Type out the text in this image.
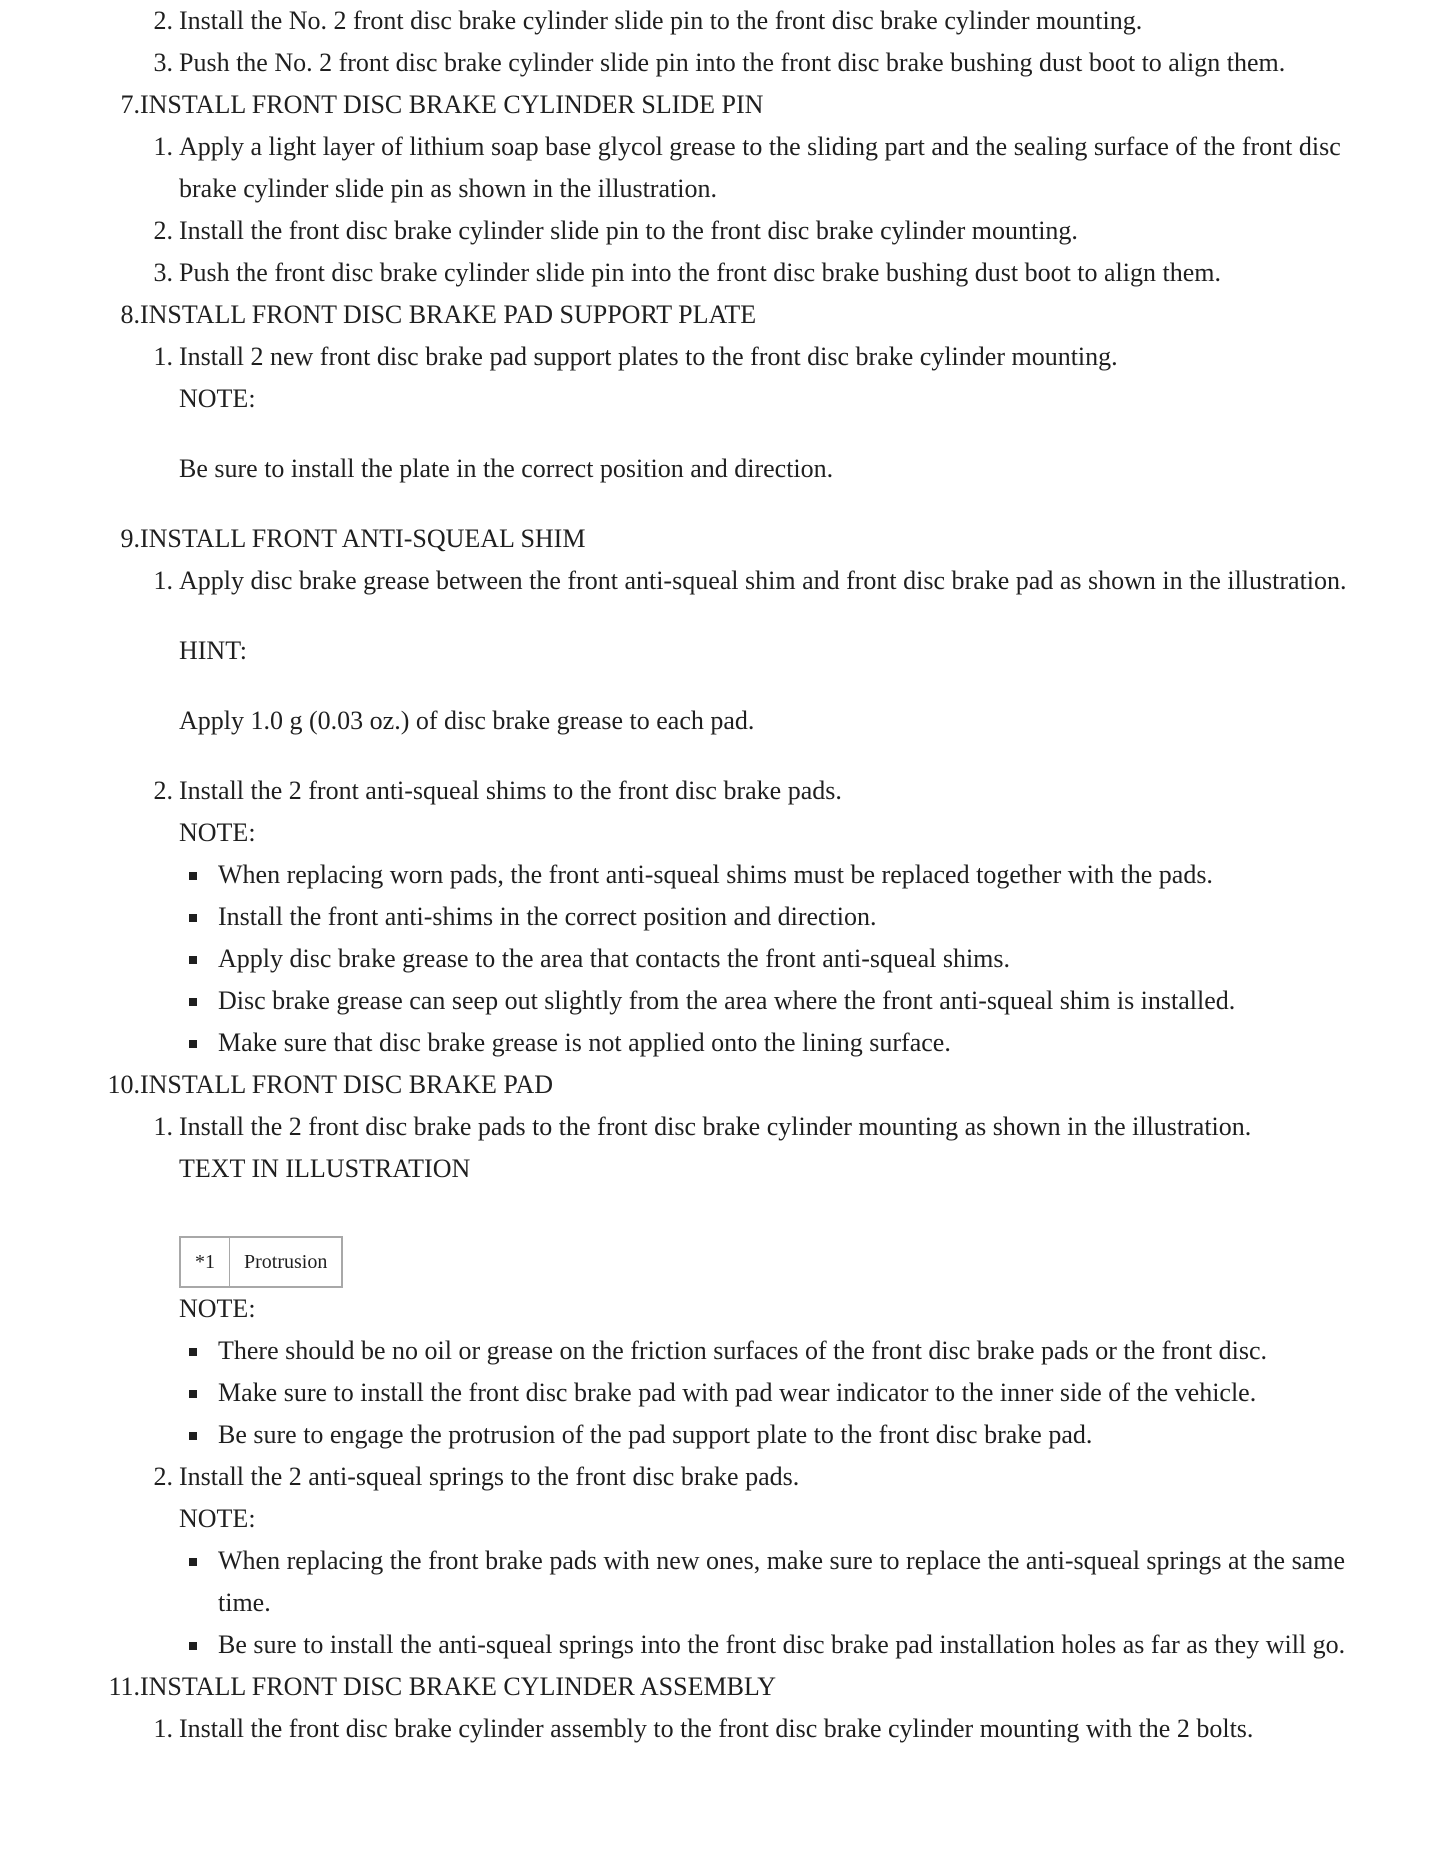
2. Install the No. 2 front disc brake cylinder slide pin to the front disc brake cylinder mounting.
3. Push the No. 2 front disc brake cylinder slide pin into the front disc brake bushing dust boot to align them.
7. INSTALL FRONT DISC BRAKE CYLINDER SLIDE PIN
1. Apply a light layer of lithium soap base glycol grease to the sliding part and the sealing surface of the front disc brake cylinder slide pin as shown in the illustration.
2. Install the front disc brake cylinder slide pin to the front disc brake cylinder mounting.
3. Push the front disc brake cylinder slide pin into the front disc brake bushing dust boot to align them.
8. INSTALL FRONT DISC BRAKE PAD SUPPORT PLATE
1. Install 2 new front disc brake pad support plates to the front disc brake cylinder mounting.
NOTE:
Be sure to install the plate in the correct position and direction.
9. INSTALL FRONT ANTI-SQUEAL SHIM
1. Apply disc brake grease between the front anti-squeal shim and front disc brake pad as shown in the illustration.
HINT:
Apply 1.0 g (0.03 oz.) of disc brake grease to each pad.
2. Install the 2 front anti-squeal shims to the front disc brake pads.
NOTE:
When replacing worn pads, the front anti-squeal shims must be replaced together with the pads.
Install the front anti-shims in the correct position and direction.
Apply disc brake grease to the area that contacts the front anti-squeal shims.
Disc brake grease can seep out slightly from the area where the front anti-squeal shim is installed.
Make sure that disc brake grease is not applied onto the lining surface.
10. INSTALL FRONT DISC BRAKE PAD
1. Install the 2 front disc brake pads to the front disc brake cylinder mounting as shown in the illustration.
TEXT IN ILLUSTRATION
*1	Protrusion
NOTE:
There should be no oil or grease on the friction surfaces of the front disc brake pads or the front disc.
Make sure to install the front disc brake pad with pad wear indicator to the inner side of the vehicle.
Be sure to engage the protrusion of the pad support plate to the front disc brake pad.
2. Install the 2 anti-squeal springs to the front disc brake pads.
NOTE:
When replacing the front brake pads with new ones, make sure to replace the anti-squeal springs at the same time.
Be sure to install the anti-squeal springs into the front disc brake pad installation holes as far as they will go.
11. INSTALL FRONT DISC BRAKE CYLINDER ASSEMBLY
1. Install the front disc brake cylinder assembly to the front disc brake cylinder mounting with the 2 bolts.
